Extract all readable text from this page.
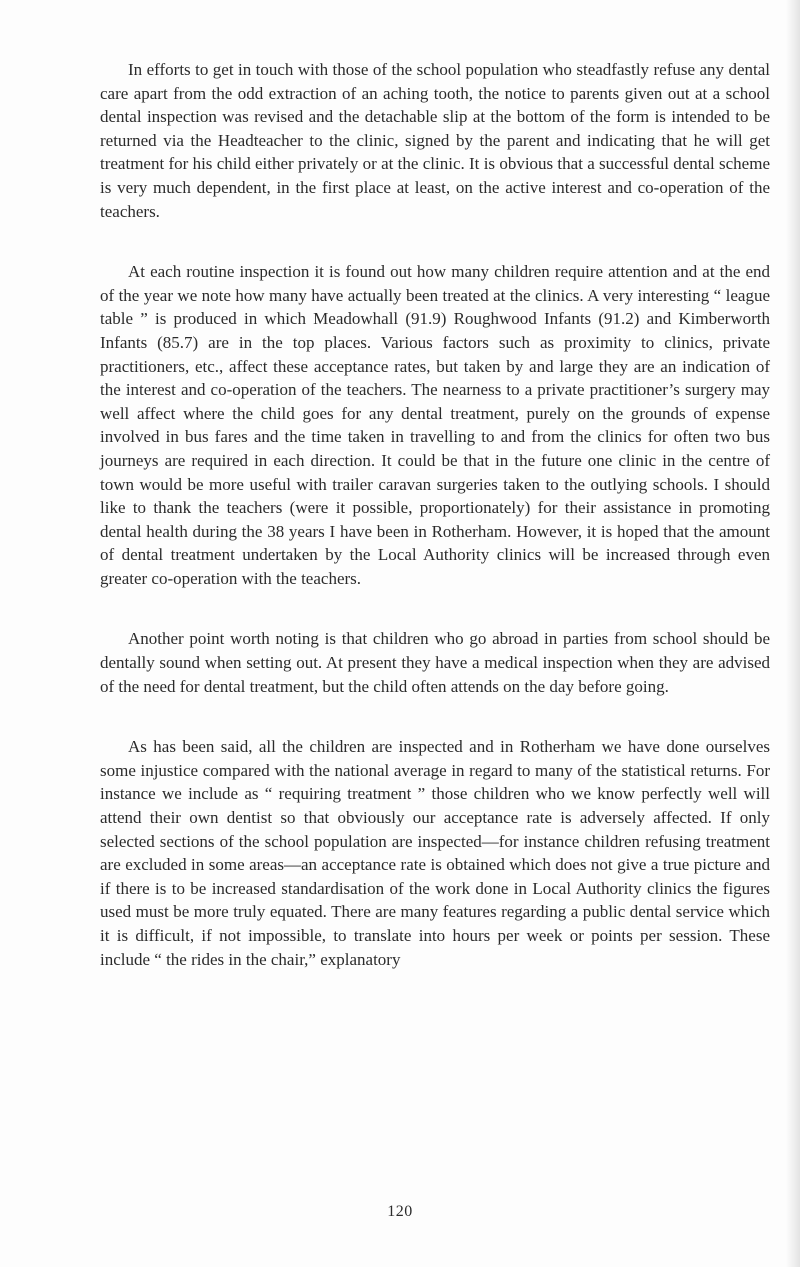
In efforts to get in touch with those of the school population who steadfastly refuse any dental care apart from the odd extraction of an aching tooth, the notice to parents given out at a school dental inspection was revised and the detachable slip at the bottom of the form is intended to be returned via the Headteacher to the clinic, signed by the parent and indicating that he will get treatment for his child either privately or at the clinic. It is obvious that a successful dental scheme is very much dependent, in the first place at least, on the active interest and co-operation of the teachers.

At each routine inspection it is found out how many children require attention and at the end of the year we note how many have actually been treated at the clinics. A very interesting “ league table ” is produced in which Meadowhall (91.9) Roughwood Infants (91.2) and Kimberworth Infants (85.7) are in the top places. Various factors such as proximity to clinics, private practitioners, etc., affect these acceptance rates, but taken by and large they are an indication of the interest and co-operation of the teachers. The nearness to a private practitioner’s surgery may well affect where the child goes for any dental treatment, purely on the grounds of expense involved in bus fares and the time taken in travelling to and from the clinics for often two bus journeys are required in each direction. It could be that in the future one clinic in the centre of town would be more useful with trailer caravan surgeries taken to the outlying schools. I should like to thank the teachers (were it possible, proportionately) for their assistance in promoting dental health during the 38 years I have been in Rotherham. However, it is hoped that the amount of dental treatment undertaken by the Local Authority clinics will be increased through even greater co-operation with the teachers.

Another point worth noting is that children who go abroad in parties from school should be dentally sound when setting out. At present they have a medical inspection when they are advised of the need for dental treatment, but the child often attends on the day before going.

As has been said, all the children are inspected and in Rotherham we have done ourselves some injustice compared with the national average in regard to many of the statistical returns. For instance we include as “ requiring treatment ” those children who we know perfectly well will attend their own dentist so that obviously our acceptance rate is adversely affected. If only selected sections of the school population are inspected—for instance children refusing treatment are excluded in some areas—an acceptance rate is obtained which does not give a true picture and if there is to be increased standardisation of the work done in Local Authority clinics the figures used must be more truly equated. There are many features regarding a public dental service which it is difficult, if not impossible, to translate into hours per week or points per session. These include “ the rides in the chair,” explanatory

120
